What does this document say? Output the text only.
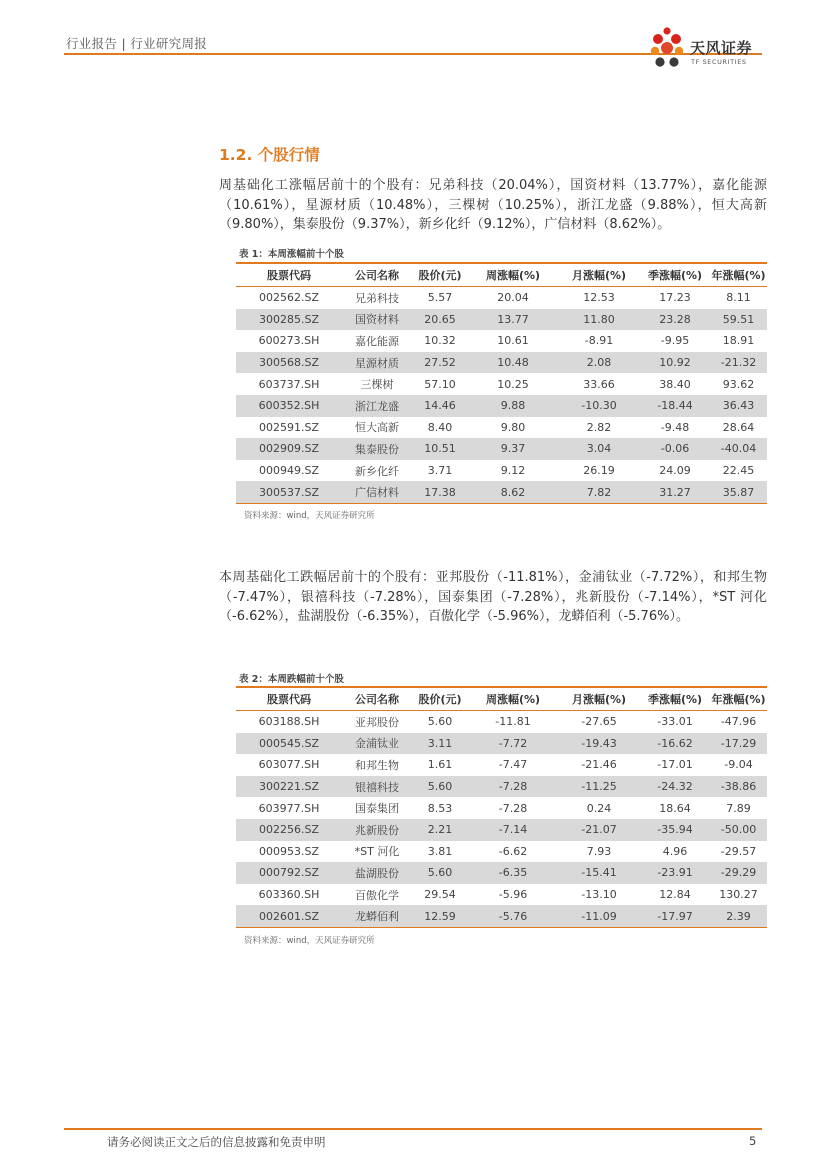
行业报告 | 行业研究周报	天风证券
TF SECURITIES
1.2. 个股行情
周基础化工涨幅居前十的个股有：兄弟科技（20.04%），国资材料（13.77%），嘉化能源（10.61%），星源材质（10.48%），三棵树（10.25%），浙江龙盛（9.88%），恒大高新（9.80%），集泰股份（9.37%），新乡化纤（9.12%），广信材料（8.62%）。
表 1：本周涨幅前十个股
股票代码	公司名称	股价(元)	周涨幅(%)	月涨幅(%)	季涨幅(%)	年涨幅(%)
002562.SZ	兄弟科技	5.57	20.04	12.53	17.23	8.11
300285.SZ	国资材料	20.65	13.77	11.80	23.28	59.51
600273.SH	嘉化能源	10.32	10.61	-8.91	-9.95	18.91
300568.SZ	星源材质	27.52	10.48	2.08	10.92	-21.32
603737.SH	三棵树	57.10	10.25	33.66	38.40	93.62
600352.SH	浙江龙盛	14.46	9.88	-10.30	-18.44	36.43
002591.SZ	恒大高新	8.40	9.80	2.82	-9.48	28.64
002909.SZ	集泰股份	10.51	9.37	3.04	-0.06	-40.04
000949.SZ	新乡化纤	3.71	9.12	26.19	24.09	22.45
300537.SZ	广信材料	17.38	8.62	7.82	31.27	35.87
资料来源：wind，天风证券研究所
本周基础化工跌幅居前十的个股有：亚邦股份（-11.81%），金浦钛业（-7.72%），和邦生物（-7.47%），银禧科技（-7.28%），国泰集团（-7.28%），兆新股份（-7.14%），*ST 河化（-6.62%），盐湖股份（-6.35%），百傲化学（-5.96%），龙蟒佰利（-5.76%）。
表 2：本周跌幅前十个股
股票代码	公司名称	股价(元)	周涨幅(%)	月涨幅(%)	季涨幅(%)	年涨幅(%)
603188.SH	亚邦股份	5.60	-11.81	-27.65	-33.01	-47.96
000545.SZ	金浦钛业	3.11	-7.72	-19.43	-16.62	-17.29
603077.SH	和邦生物	1.61	-7.47	-21.46	-17.01	-9.04
300221.SZ	银禧科技	5.60	-7.28	-11.25	-24.32	-38.86
603977.SH	国泰集团	8.53	-7.28	0.24	18.64	7.89
002256.SZ	兆新股份	2.21	-7.14	-21.07	-35.94	-50.00
000953.SZ	*ST 河化	3.81	-6.62	7.93	4.96	-29.57
000792.SZ	盐湖股份	5.60	-6.35	-15.41	-23.91	-29.29
603360.SH	百傲化学	29.54	-5.96	-13.10	12.84	130.27
002601.SZ	龙蟒佰利	12.59	-5.76	-11.09	-17.97	2.39
资料来源：wind，天风证券研究所
请务必阅读正文之后的信息披露和免责申明	5
